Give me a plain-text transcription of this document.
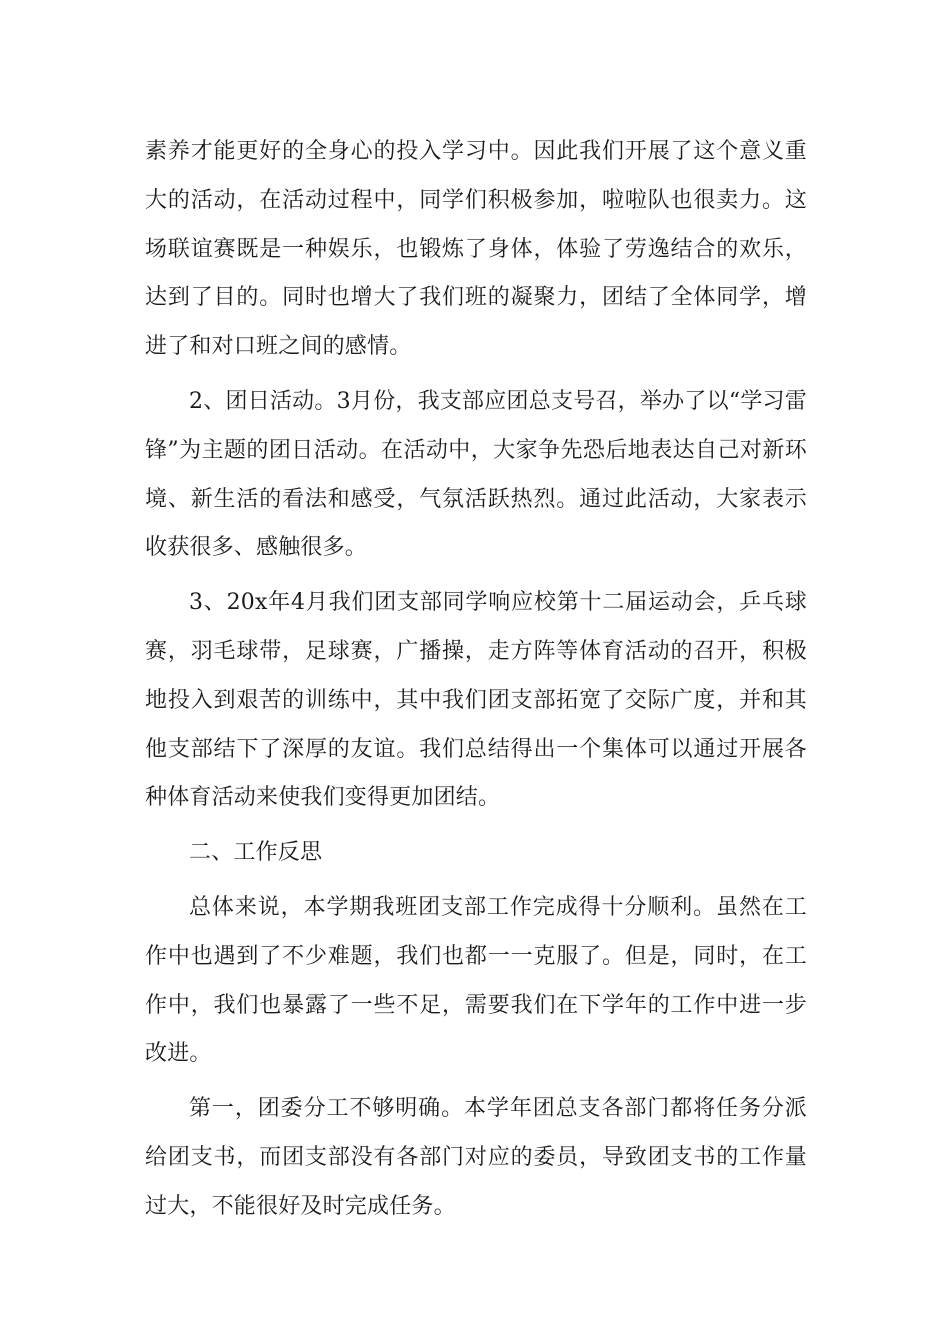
素养才能更好的全身心的投入学习中。因此我们开展了这个意义重大的活动，在活动过程中，同学们积极参加，啦啦队也很卖力。这场联谊赛既是一种娱乐，也锻炼了身体，体验了劳逸结合的欢乐，达到了目的。同时也增大了我们班的凝聚力，团结了全体同学，增进了和对口班之间的感情。

2、团日活动。3月份，我支部应团总支号召，举办了以“学习雷锋”为主题的团日活动。在活动中，大家争先恐后地表达自己对新环境、新生活的看法和感受，气氛活跃热烈。通过此活动，大家表示收获很多、感触很多。

3、20x年4月我们团支部同学响应校第十二届运动会，乒乓球赛，羽毛球带，足球赛，广播操，走方阵等体育活动的召开，积极地投入到艰苦的训练中，其中我们团支部拓宽了交际广度，并和其他支部结下了深厚的友谊。我们总结得出一个集体可以通过开展各种体育活动来使我们变得更加团结。

二、工作反思

总体来说，本学期我班团支部工作完成得十分顺利。虽然在工作中也遇到了不少难题，我们也都一一克服了。但是，同时，在工作中，我们也暴露了一些不足，需要我们在下学年的工作中进一步改进。

第一，团委分工不够明确。本学年团总支各部门都将任务分派给团支书，而团支部没有各部门对应的委员，导致团支书的工作量过大，不能很好及时完成任务。
